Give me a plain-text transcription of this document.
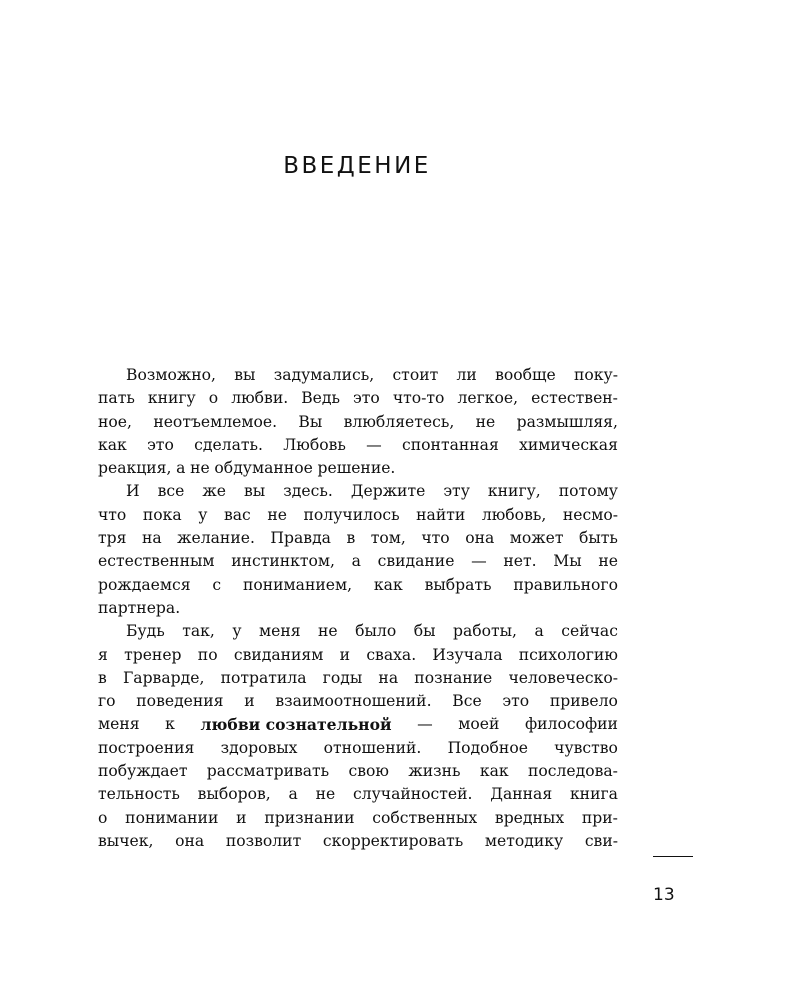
ВВЕДЕНИЕ
Возможно, вы задумались, стоит ли вообще поку-
пать книгу о любви. Ведь это что-то легкое, естествен-
ное, неотъемлемое. Вы влюбляетесь, не размышляя,
как это сделать. Любовь — спонтанная химическая
реакция, а не обдуманное решение.
И все же вы здесь. Держите эту книгу, потому
что пока у вас не получилось найти любовь, несмо-
тря на желание. Правда в том, что она может быть
естественным инстинктом, а свидание — нет. Мы не
рождаемся с пониманием, как выбрать правильного
партнера.
Будь так, у меня не было бы работы, а сейчас
я тренер по свиданиям и сваха. Изучала психологию
в Гарварде, потратила годы на познание человеческо-
го поведения и взаимоотношений. Все это привело
меня к любви сознательной — моей философии
построения здоровых отношений. Подобное чувство
побуждает рассматривать свою жизнь как последова-
тельность выборов, а не случайностей. Данная книга
о понимании и признании собственных вредных при-
вычек, она позволит скорректировать методику сви-
13
